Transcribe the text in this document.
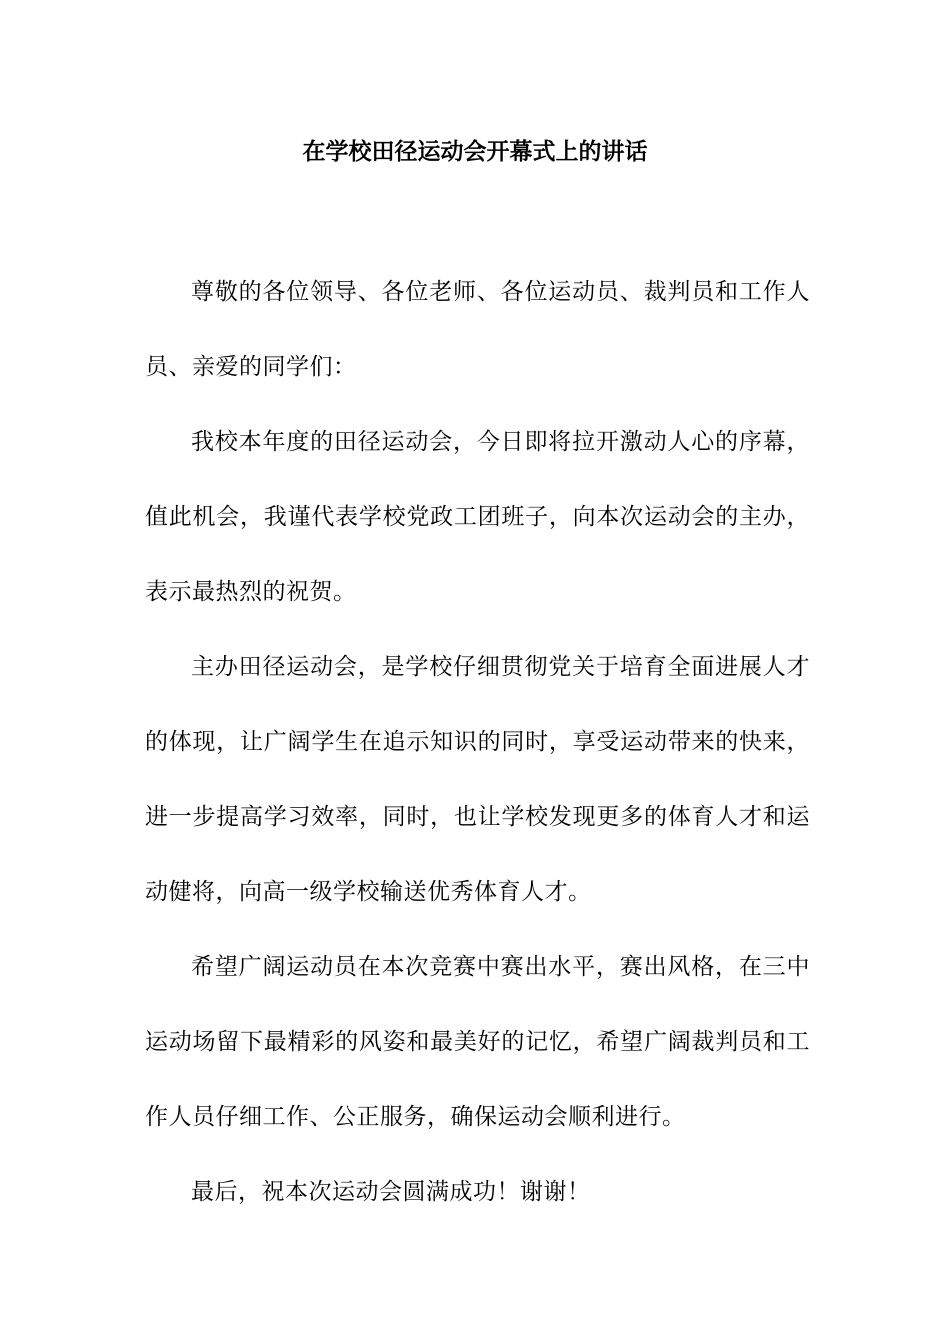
在学校田径运动会开幕式上的讲话

尊敬的各位领导、各位老师、各位运动员、裁判员和工作人员、亲爱的同学们：

我校本年度的田径运动会，今日即将拉开激动人心的序幕，值此机会，我谨代表学校党政工团班子，向本次运动会的主办，表示最热烈的祝贺。

主办田径运动会，是学校仔细贯彻党关于培育全面进展人才的体现，让广阔学生在追示知识的同时，享受运动带来的快来，进一步提高学习效率，同时，也让学校发现更多的体育人才和运动健将，向高一级学校输送优秀体育人才。

希望广阔运动员在本次竞赛中赛出水平，赛出风格，在三中运动场留下最精彩的风姿和最美好的记忆，希望广阔裁判员和工作人员仔细工作、公正服务，确保运动会顺利进行。

最后，祝本次运动会圆满成功！谢谢！
